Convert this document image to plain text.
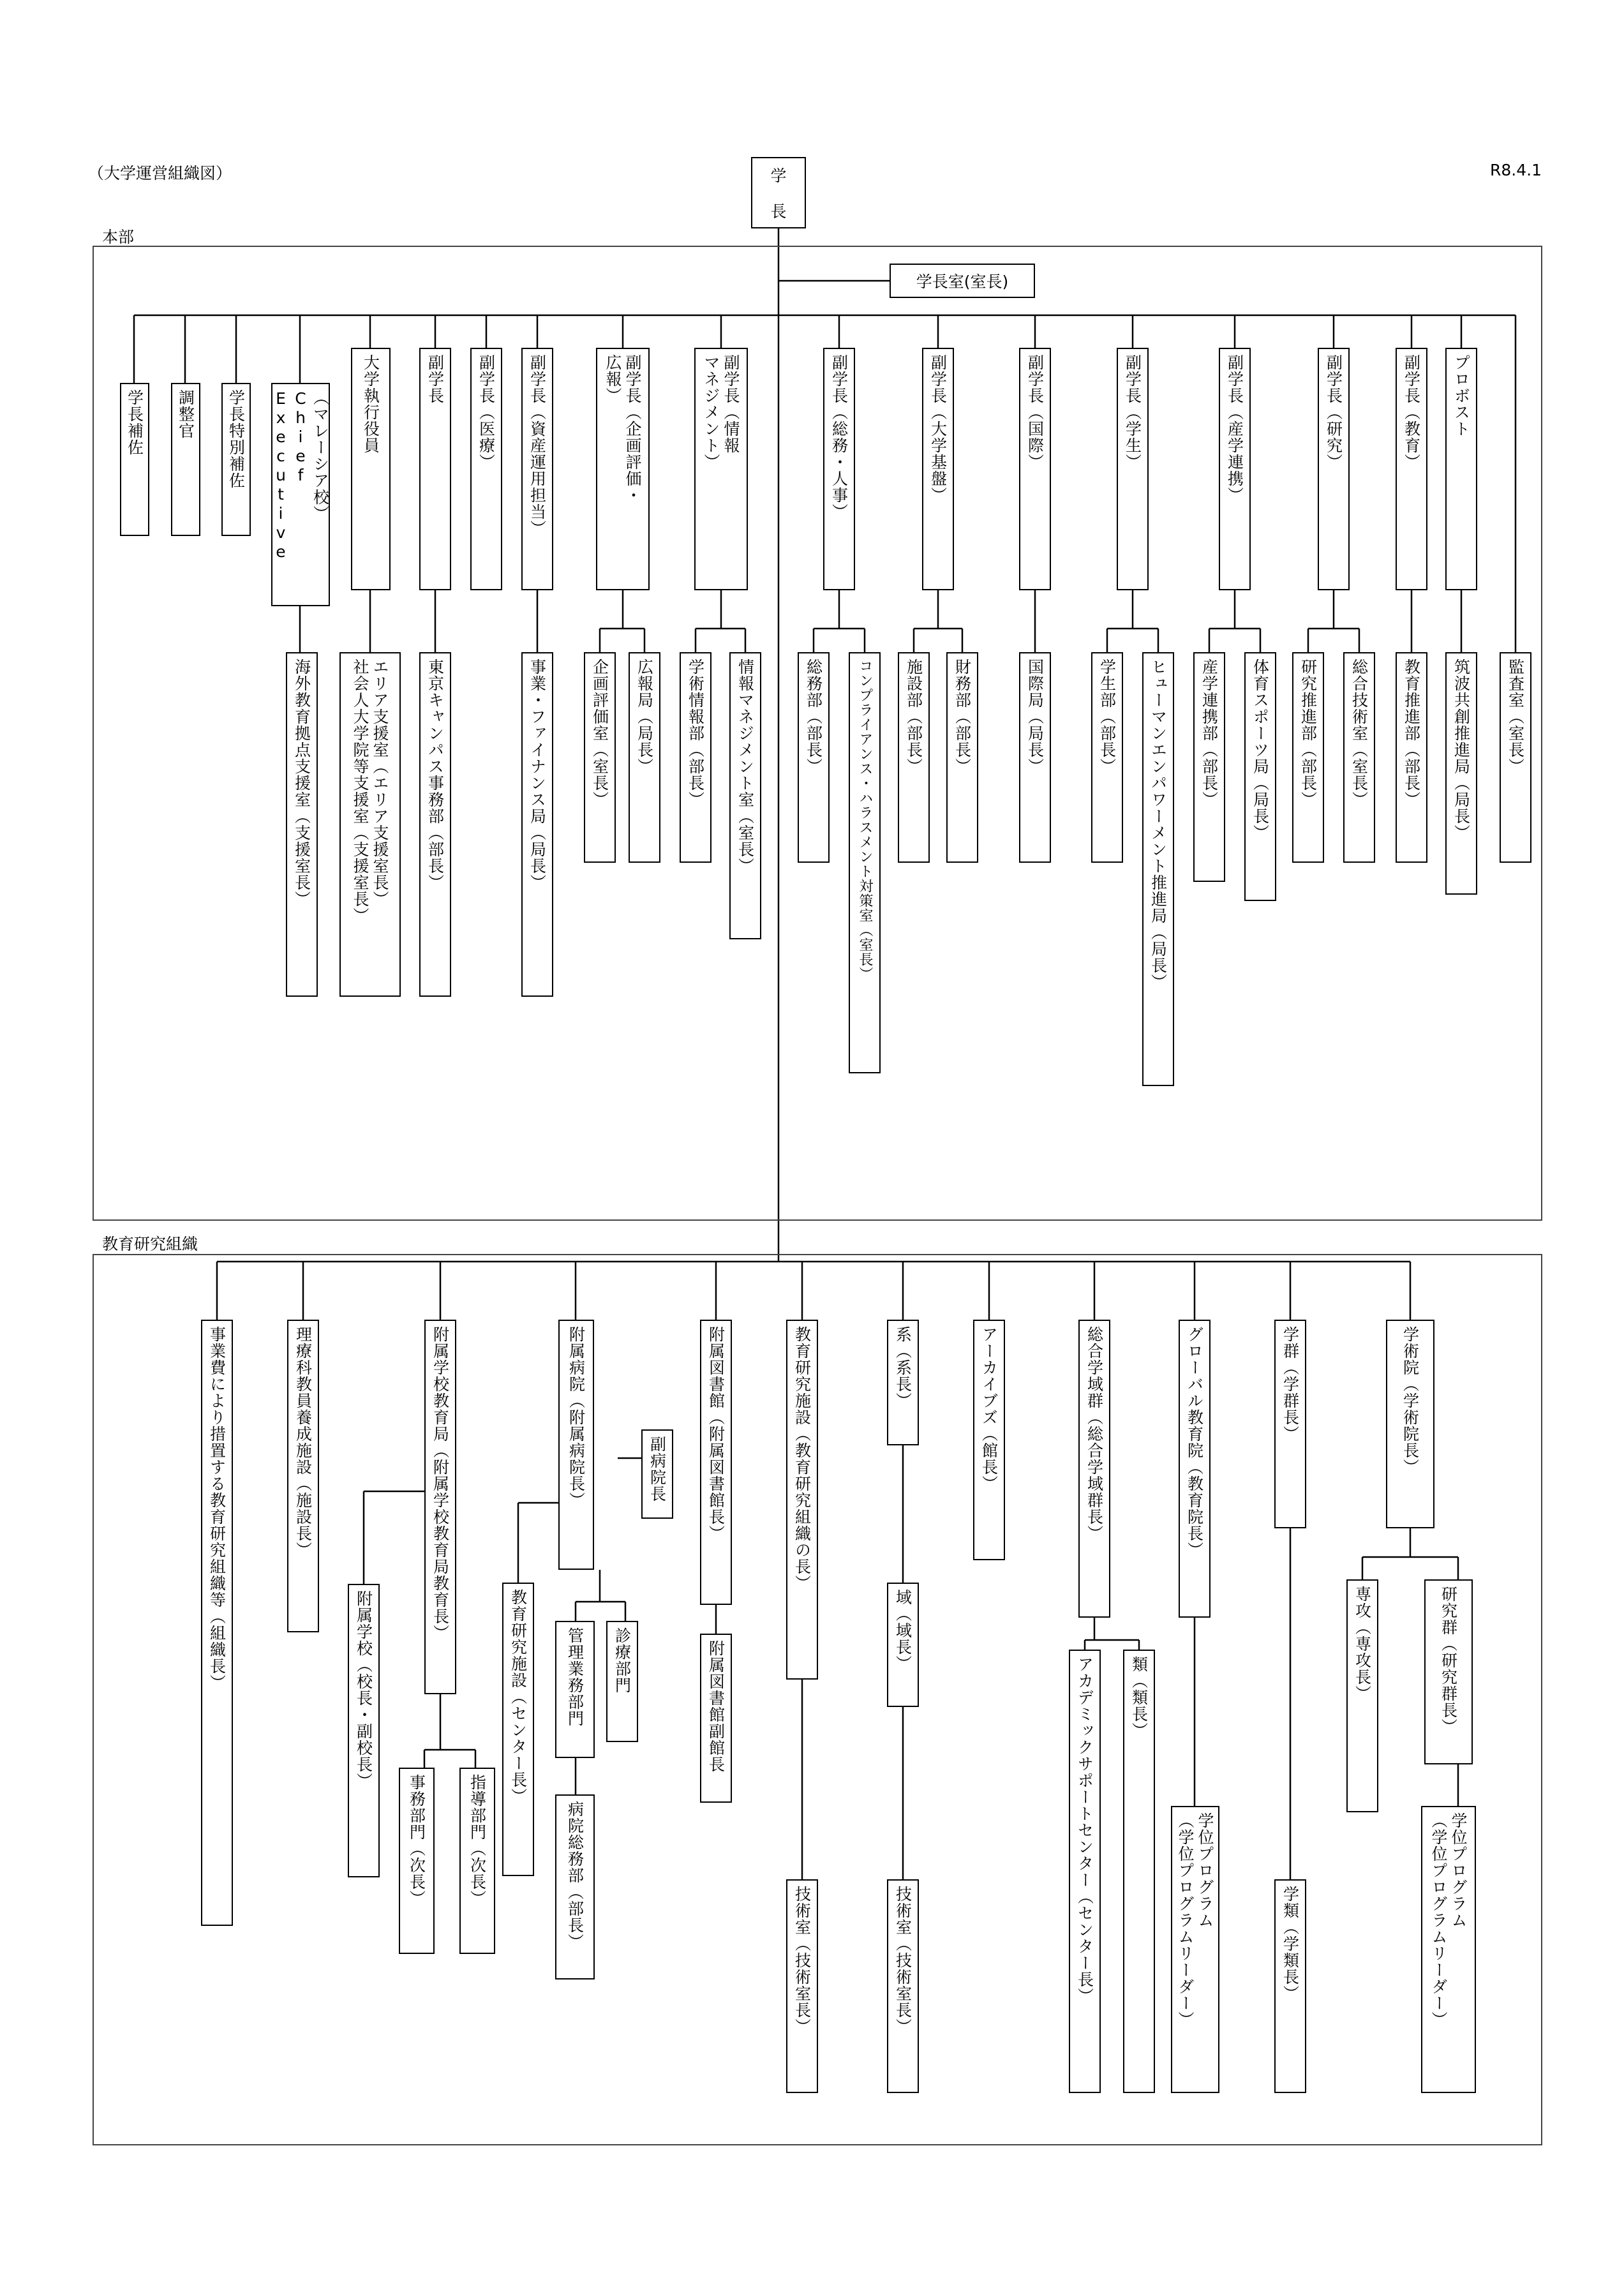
（大学運営組織図）	R8.4.1
学
長
学長室(室長)
本部
教育研究組織
学長補佐 調整官 学長特別補佐	︵マレーシア校︶
Chief
Executive	大学執行役員	副学長 副学長︵医療︶ 副学長︵資産運用担当︶	副学長︵企画評価・
広報︶	副学長︵情報
マネジメント︶	副学長︵総務・人事︶	副学長︵大学基盤︶	副学長︵国際︶	副学長︵学生︶	副学長︵産学連携︶	副学長︵研究︶	副学長︵教育︶ プロボスト
海外教育拠点支援室︵支援室長︶	エリア支援室︵エリア支援室長︶
社会人大学院等支援室︵支援室長︶	東京キャンパス事務部︵部長︶	事業・ファイナンス局︵局長︶	企画評価室︵室長︶ 広報局︵局長︶ 学術情報部︵部長︶ 情報マネジメント室︵室長︶	総務部︵部長︶ コンプライアンス・ハラスメント対策室︵室長︶ 施設部︵部長︶ 財務部︵部長︶	国際局︵局長︶	学生部︵部長︶ ヒューマンエンパワーメント推進局︵局長︶ 産学連携部︵部長︶ 体育スポーツ局︵局長︶ 研究推進部︵部長︶ 総合技術室︵室長︶ 教育推進部︵部長︶ 筑波共創推進局︵局長︶ 監査室︵室長︶
事業費により措置する教育研究組織等︵組織長︶	理療科教員養成施設︵施設長︶	附属学校教育局︵附属学校教育局教育長︶	附属病院︵附属病院長︶	副病院長	附属図書館︵附属図書館長︶	教育研究施設︵教育研究組織の長︶	系︵系長︶	アーカイブズ︵館長︶	総合学域群︵総合学域群長︶	グローバル教育院︵教育院長︶	学群︵学群長︶	学術院︵学術院長︶
附属学校︵校長・副校長︶
事務部門︵次長︶	指導部門︵次長︶
教育研究施設︵センター長︶ 管理業務部門 診療部門
病院総務部︵部長︶
附属図書館副館長
技術室︵技術室長︶
域︵域長︶
技術室︵技術室長︶	アカデミックサポートセンター︵センター長︶ 類︵類長︶
学位プログラム
︵学位プログラムリーダー︶	学類︵学類長︶
専攻︵専攻長︶	研究群︵研究群長︶
学位プログラム
︵学位プログラムリーダー︶
